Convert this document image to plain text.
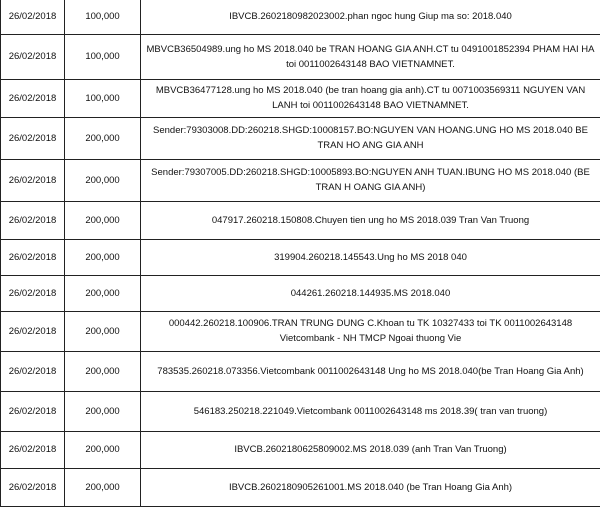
26/02/2018	100,000	IBVCB.2602180982023002.phan ngoc hung Giup ma so: 2018.040
26/02/2018	100,000	MBVCB36504989.ung ho MS 2018.040 be TRAN HOANG GIA ANH.CT tu 0491001852394 PHAM HAI HA toi 0011002643148 BAO VIETNAMNET.
26/02/2018	100,000	MBVCB36477128.ung ho MS 2018.040 (be tran hoang gia anh).CT tu 0071003569311 NGUYEN VAN LANH toi 0011002643148 BAO VIETNAMNET.
26/02/2018	200,000	Sender:79303008.DD:260218.SHGD:10008157.BO:NGUYEN VAN HOANG.UNG HO MS 2018.040 BE TRAN HO ANG GIA ANH
26/02/2018	200,000	Sender:79307005.DD:260218.SHGD:10005893.BO:NGUYEN ANH TUAN.IBUNG HO MS 2018.040 (BE TRAN H OANG GIA ANH)
26/02/2018	200,000	047917.260218.150808.Chuyen tien ung ho MS 2018.039 Tran Van Truong
26/02/2018	200,000	319904.260218.145543.Ung ho MS 2018 040
26/02/2018	200,000	044261.260218.144935.MS 2018.040
26/02/2018	200,000	000442.260218.100906.TRAN TRUNG DUNG C.Khoan tu TK 10327433 toi TK 0011002643148 Vietcombank - NH TMCP Ngoai thuong Vie
26/02/2018	200,000	783535.260218.073356.Vietcombank 0011002643148 Ung ho MS 2018.040(be Tran Hoang Gia Anh)
26/02/2018	200,000	546183.250218.221049.Vietcombank 0011002643148 ms 2018.39( tran van truong)
26/02/2018	200,000	IBVCB.2602180625809002.MS 2018.039 (anh Tran Van Truong)
26/02/2018	200,000	IBVCB.2602180905261001.MS 2018.040 (be Tran Hoang Gia Anh)
